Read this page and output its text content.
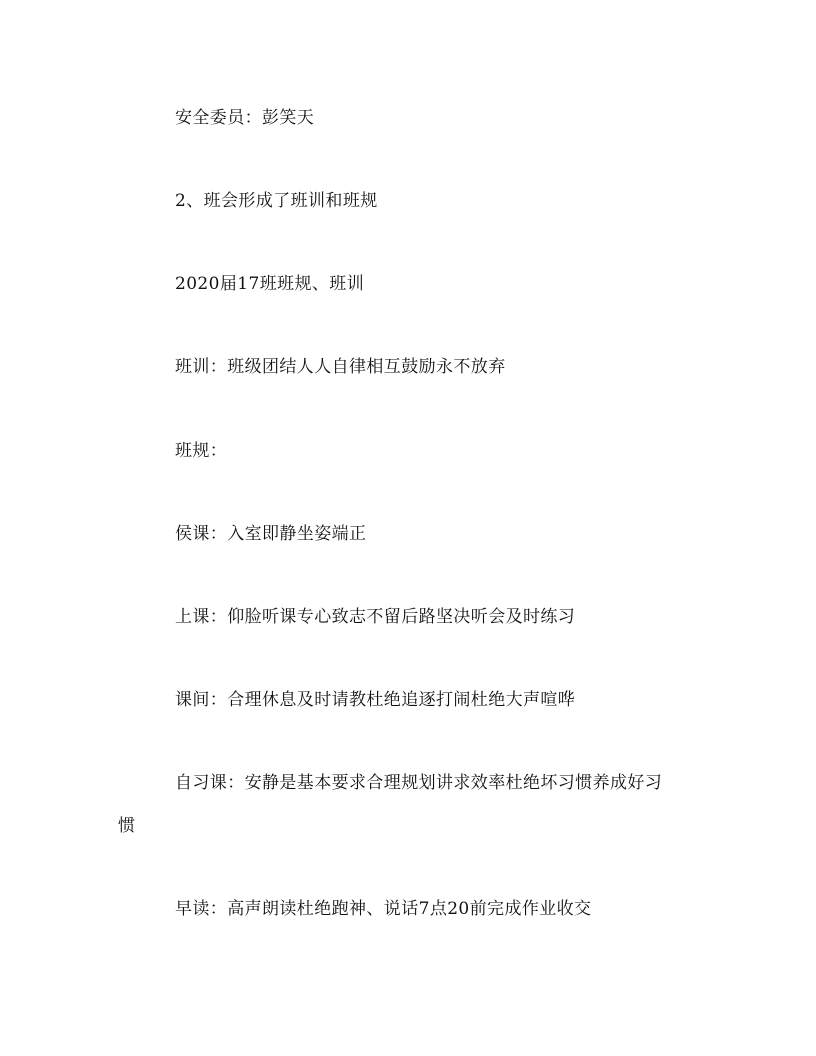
安全委员：彭笑天
2、班会形成了班训和班规
2020届17班班规、班训
班训：班级团结人人自律相互鼓励永不放弃
班规：
侯课：入室即静坐姿端正
上课：仰脸听课专心致志不留后路坚决听会及时练习
课间：合理休息及时请教杜绝追逐打闹杜绝大声喧哗
自习课：安静是基本要求合理规划讲求效率杜绝坏习惯养成好习
惯
早读：高声朗读杜绝跑神、说话7点20前完成作业收交
